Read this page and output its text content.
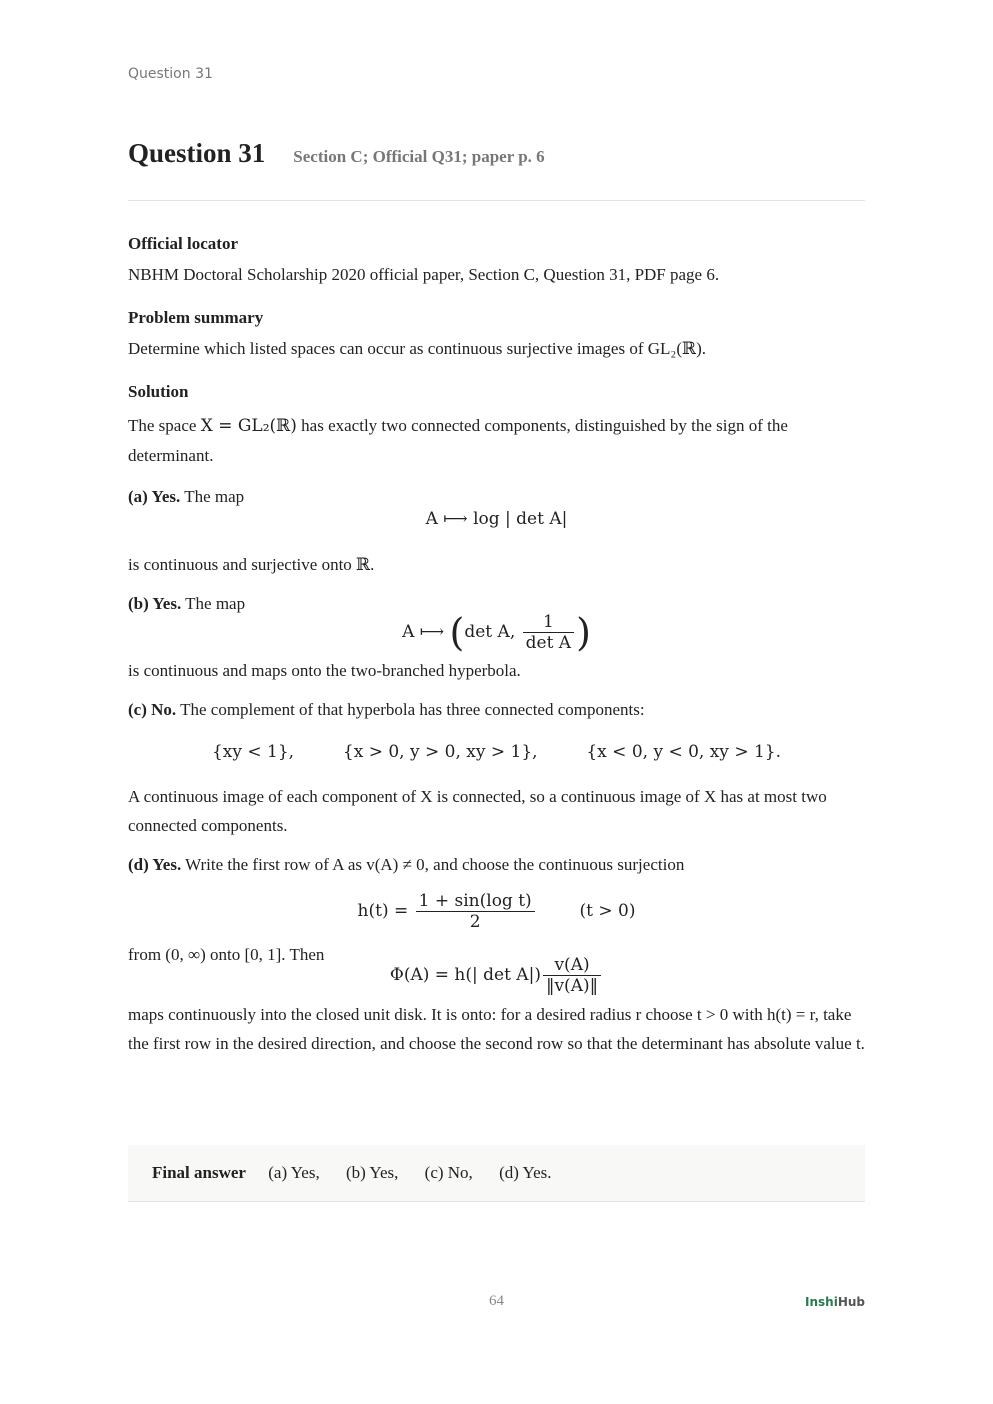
Question 31
Question 31 Section C; Official Q31; paper p. 6
Official locator

NBHM Doctoral Scholarship 2020 official paper, Section C, Question 31, PDF page 6.

Problem summary

Determine which listed spaces can occur as continuous surjective images of GL₂(ℝ).

Solution

The space X = GL₂(ℝ) has exactly two connected components, distinguished by the sign of the determinant.

(a) Yes. The map

A ⟼ log | det A|

is continuous and surjective onto ℝ.

(b) Yes. The map

A ⟼ (det A, $\frac{1}{\text{det A}}$ )

is continuous and maps onto the two-branched hyperbola.

(c) No. The complement of that hyperbola has three connected components:

{xy < 1},	{x > 0, y > 0, xy > 1},	{x < 0, y < 0, xy > 1}.

A continuous image of each component of X is connected, so a continuous image of X has at most two connected components.

(d) Yes. Write the first row of A as v(A) ≠ 0, and choose the continuous surjection

$h(t) = \frac{\text{1 + sin(log t)}}{2}$	(t > 0)

from (0, ∞) onto [0, 1]. Then

Φ(A) = h(| $\det A|) \frac{v(A)}{‖v(A)‖}$

maps continuously into the closed unit disk. It is onto: for a desired radius r choose t > 0 with h(t) = r, take the first row in the desired direction, and choose the second row so that the determinant has absolute value t.

Final answer (a) Yes, (b) Yes, (c) No, (d) Yes.
64	InshiHub
